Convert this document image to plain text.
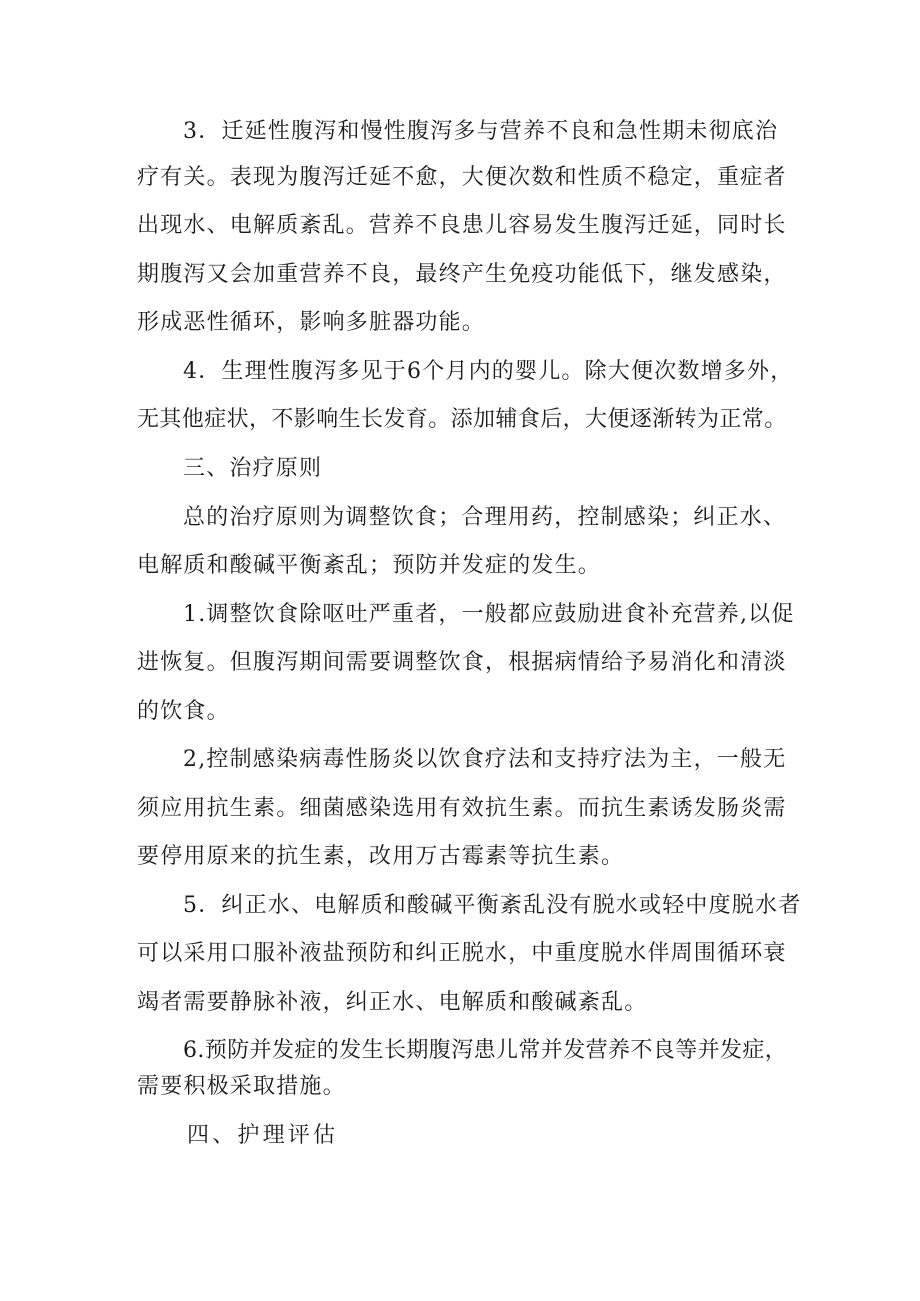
3．迁延性腹泻和慢性腹泻多与营养不良和急性期未彻底治
疗有关。表现为腹泻迁延不愈，大便次数和性质不稳定，重症者
出现水、电解质紊乱。营养不良患儿容易发生腹泻迁延，同时长
期腹泻又会加重营养不良，最终产生免疫功能低下，继发感染，
形成恶性循环，影响多脏器功能。
4．生理性腹泻多见于6个月内的婴儿。除大便次数增多外，
无其他症状，不影响生长发育。添加辅食后，大便逐渐转为正常。
三、治疗原则
总的治疗原则为调整饮食；合理用药，控制感染；纠正水、
电解质和酸碱平衡紊乱；预防并发症的发生。
1.调整饮食除呕吐严重者，一般都应鼓励进食补充营养,以促
进恢复。但腹泻期间需要调整饮食，根据病情给予易消化和清淡
的饮食。
2,控制感染病毒性肠炎以饮食疗法和支持疗法为主，一般无
须应用抗生素。细菌感染选用有效抗生素。而抗生素诱发肠炎需
要停用原来的抗生素，改用万古霉素等抗生素。
5．纠正水、电解质和酸碱平衡紊乱没有脱水或轻中度脱水者
可以采用口服补液盐预防和纠正脱水，中重度脱水伴周围循环衰
竭者需要静脉补液，纠正水、电解质和酸碱紊乱。
6.预防并发症的发生长期腹泻患儿常并发营养不良等并发症，
需要积极采取措施。
四、护理评估
